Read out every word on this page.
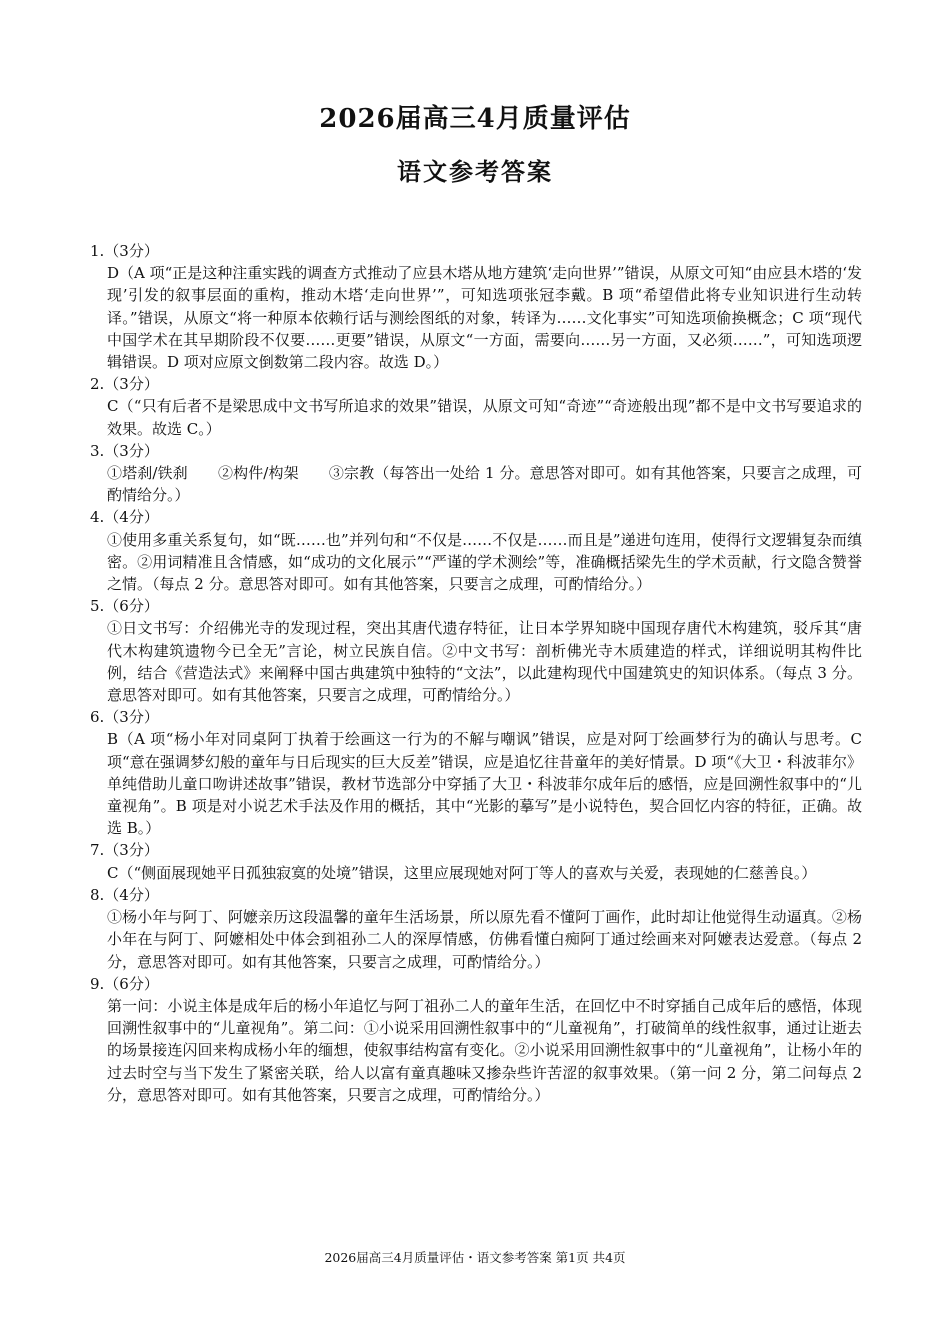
2026届高三4月质量评估
语文参考答案
1.（3分）
D（A 项“正是这种注重实践的调查方式推动了应县木塔从地方建筑‘走向世界’”错误，从原文可知“由应县木塔的‘发现’引发的叙事层面的重构，推动木塔‘走向世界’”，可知选项张冠李戴。B 项“希望借此将专业知识进行生动转译。”错误，从原文“将一种原本依赖行话与测绘图纸的对象，转译为……文化事实”可知选项偷换概念；C 项“现代中国学术在其早期阶段不仅要……更要”错误，从原文“一方面，需要向……另一方面，又必须……”，可知选项逻辑错误。D 项对应原文倒数第二段内容。故选 D。）
2.（3分）
C（“只有后者不是梁思成中文书写所追求的效果”错误，从原文可知“奇迹”“奇迹般出现”都不是中文书写要追求的效果。故选 C。）
3.（3分）
①塔刹/铁刹　　②构件/构架　　③宗教（每答出一处给 1 分。意思答对即可。如有其他答案，只要言之成理，可酌情给分。）
4.（4分）
①使用多重关系复句，如“既……也”并列句和“不仅是……不仅是……而且是”递进句连用，使得行文逻辑复杂而缜密。②用词精准且含情感，如“成功的文化展示”“严谨的学术测绘”等，准确概括梁先生的学术贡献，行文隐含赞誉之情。（每点 2 分。意思答对即可。如有其他答案，只要言之成理，可酌情给分。）
5.（6分）
①日文书写：介绍佛光寺的发现过程，突出其唐代遗存特征，让日本学界知晓中国现存唐代木构建筑，驳斥其“唐代木构建筑遗物今已全无”言论，树立民族自信。②中文书写：剖析佛光寺木质建造的样式，详细说明其构件比例，结合《营造法式》来阐释中国古典建筑中独特的“文法”，以此建构现代中国建筑史的知识体系。（每点 3 分。意思答对即可。如有其他答案，只要言之成理，可酌情给分。）
6.（3分）
B（A 项“杨小年对同桌阿丁执着于绘画这一行为的不解与嘲讽”错误，应是对阿丁绘画梦行为的确认与思考。C 项“意在强调梦幻般的童年与日后现实的巨大反差”错误，应是追忆往昔童年的美好情景。D 项“《大卫・科波菲尔》单纯借助儿童口吻讲述故事”错误，教材节选部分中穿插了大卫・科波菲尔成年后的感悟，应是回溯性叙事中的“儿童视角”。B 项是对小说艺术手法及作用的概括，其中“光影的摹写”是小说特色，契合回忆内容的特征，正确。故选 B。）
7.（3分）
C（“侧面展现她平日孤独寂寞的处境”错误，这里应展现她对阿丁等人的喜欢与关爱，表现她的仁慈善良。）
8.（4分）
①杨小年与阿丁、阿嬷亲历这段温馨的童年生活场景，所以原先看不懂阿丁画作，此时却让他觉得生动逼真。②杨小年在与阿丁、阿嬷相处中体会到祖孙二人的深厚情感，仿佛看懂白痴阿丁通过绘画来对阿嬷表达爱意。（每点 2 分，意思答对即可。如有其他答案，只要言之成理，可酌情给分。）
9.（6分）
第一问：小说主体是成年后的杨小年追忆与阿丁祖孙二人的童年生活，在回忆中不时穿插自己成年后的感悟，体现回溯性叙事中的“儿童视角”。第二问：①小说采用回溯性叙事中的“儿童视角”，打破简单的线性叙事，通过让逝去的场景接连闪回来构成杨小年的缅想，使叙事结构富有变化。②小说采用回溯性叙事中的“儿童视角”，让杨小年的过去时空与当下发生了紧密关联，给人以富有童真趣味又掺杂些许苦涩的叙事效果。（第一问 2 分，第二问每点 2 分，意思答对即可。如有其他答案，只要言之成理，可酌情给分。）
2026届高三4月质量评估・语文参考答案 第1页 共4页
